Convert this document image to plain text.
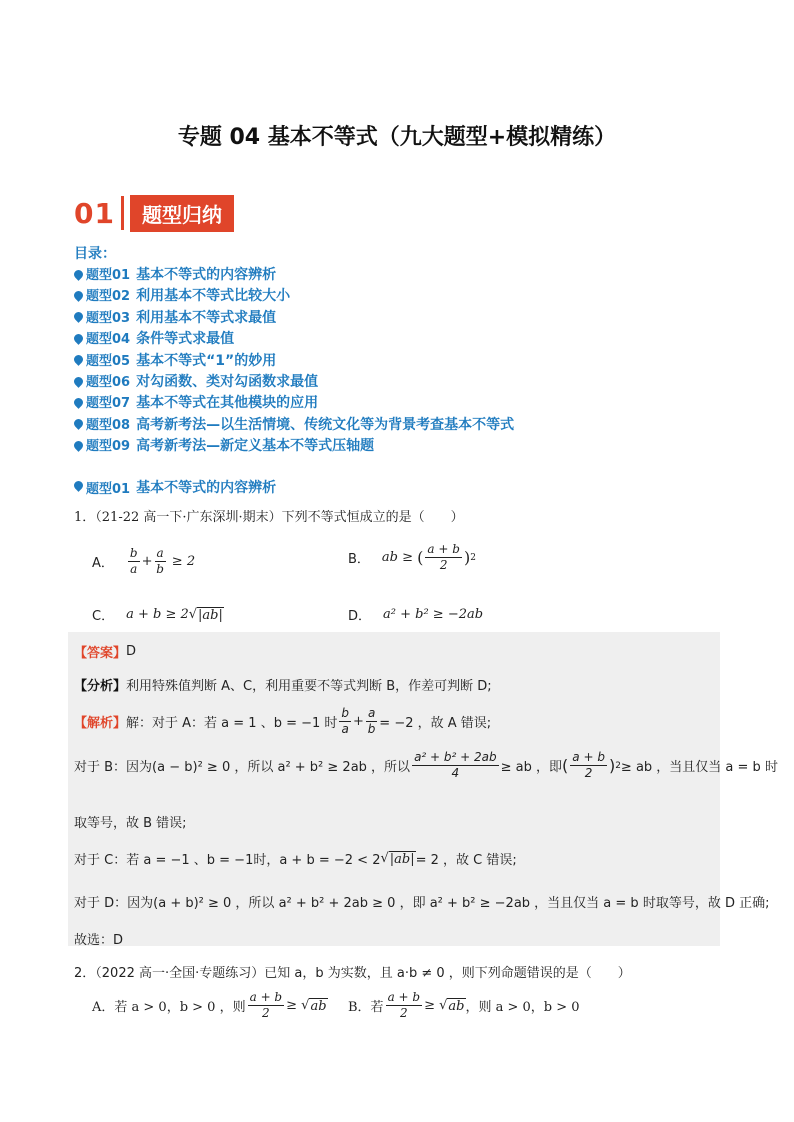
专题 04 基本不等式（九大题型+模拟精练）
01	题型归纳
目录：
题型01 基本不等式的内容辨析
题型02 利用基本不等式比较大小
题型03 利用基本不等式求最值
题型04 条件等式求最值
题型05 基本不等式“1”的妙用
题型06 对勾函数、类对勾函数求最值
题型07 基本不等式在其他模块的应用
题型08 高考新考法—以生活情境、传统文化等为背景考查基本不等式
题型09 高考新考法—新定义基本不等式压轴题
题型01 基本不等式的内容辨析
1．（21-22 高一下·广东深圳·期末）下列不等式恒成立的是（　　）
A． $\frac{b}{a} + \frac{a}{b} \ge 2$	B． ab ≥ ( $\frac{a + b}{2}$ ) 2
C． a + b ≥ 2 √ |ab|	D． a² + b² ≥ −2ab
【答案】 D
【分析】 利用特殊值判断 A、C，利用重要不等式判断 B，作差可判断 D;
【解析】 解：对于 A：若 a = 1 、b = −1 时 $\frac{b}{a} + \frac{a}{b} = -2$ ，故 A 错误;
对于 B：因为(a − b)² ≥ 0 ，所以 a² + b² ≥ 2ab ，所以 $\frac{\text{a² + b² + 2ab}}{4}$ ≥ ab ，即 ( $\frac{a + b}{2}$ ) 2 ≥ ab ，当且仅当 a = b 时
取等号，故 B 错误;
对于 C：若 a = −1 、b = −1时，a + b = −2 < 2 √ |ab| = 2 ，故 C 错误;
对于 D：因为(a + b)² ≥ 0 ，所以 a² + b² + 2ab ≥ 0 ，即 a² + b² ≥ −2ab ，当且仅当 a = b 时取等号，故 D 正确;
故选：D
2．（2022 高一·全国·专题练习）已知 a，b 为实数，且 a·b ≠ 0 ，则下列命题错误的是（　　）
A．若 a > 0，b > 0 ，则 $\frac{a + b}{2}$ ≥ √ ab B．若 $\frac{a + b}{2}$ ≥ √ ab ，则 a > 0，b > 0
